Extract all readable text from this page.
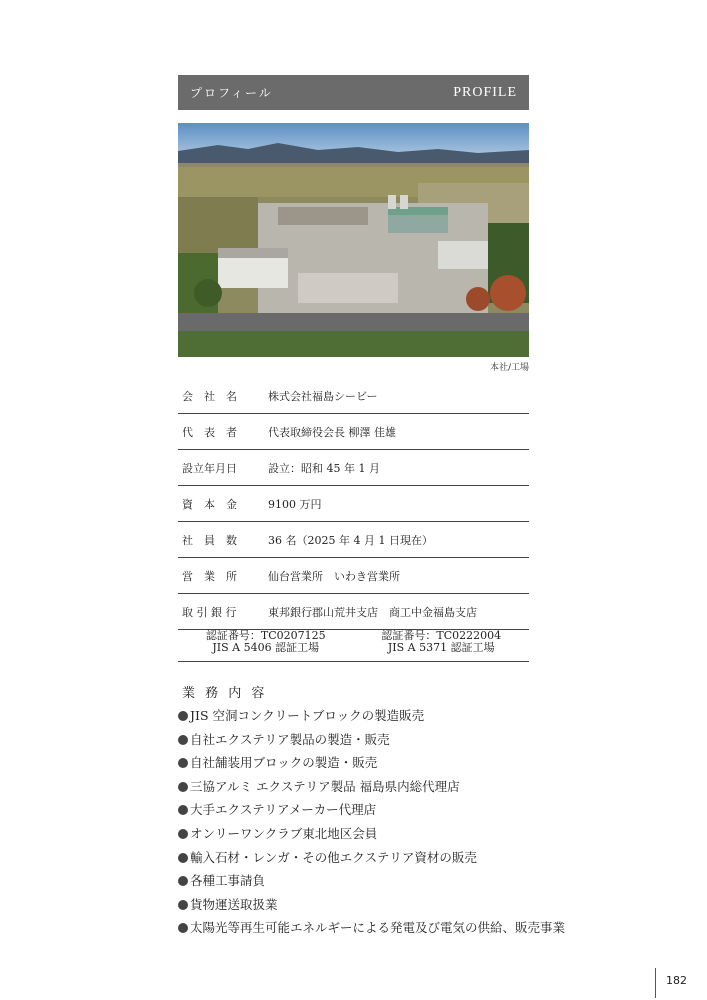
プロフィール	PROFILE
本社/工場
会　社　名	株式会社福島シービー
代　表　者	代表取締役会長 柳澤 佳雄
設立年月日	設立：昭和 45 年 1 月
資　本　金	9100 万円
社　員　数	36 名（2025 年 4 月 1 日現在）
営　業　所	仙台営業所　いわき営業所
取 引 銀 行	東邦銀行郡山荒井支店　商工中金福島支店
認証番号：TC0207125
JIS A 5406 認証工場
認証番号：TC0222004
JIS A 5371 認証工場
業 務 内 容
JIS 空洞コンクリートブロックの製造販売
自社エクステリア製品の製造・販売
自社舗装用ブロックの製造・販売
三協アルミ エクステリア製品 福島県内総代理店
大手エクステリアメーカー代理店
オンリーワンクラブ東北地区会員
輸入石材・レンガ・その他エクステリア資材の販売
各種工事請負
貨物運送取扱業
太陽光等再生可能エネルギーによる発電及び電気の供給、販売事業
182
